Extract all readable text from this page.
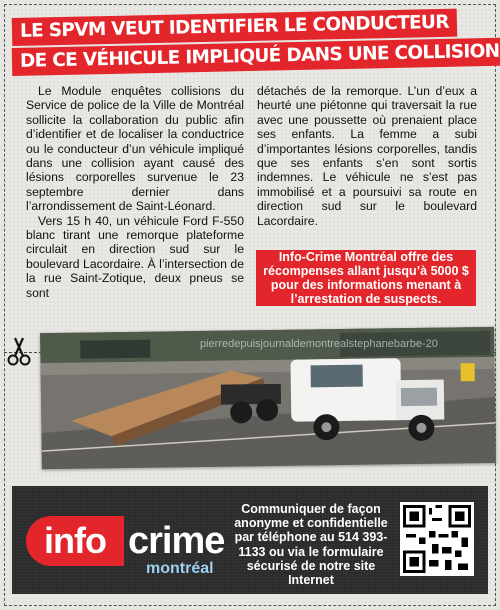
LE SPVM VEUT IDENTIFIER LE CONDUCTEUR
DE CE VÉHICULE IMPLIQUÉ DANS UNE COLLISION

Le Module enquêtes collisions du Service de police de la Ville de Montréal sollicite la collaboration du public afin d’identifier et de localiser la conductrice ou le conducteur d’un véhicule impliqué dans une collision ayant causé des lésions corporelles survenue le 23 septembre dernier dans l’arrondissement de Saint-Léonard.

Vers 15 h 40, un véhicule Ford F-550 blanc tirant une remorque plateforme circulait en direction sud sur le boulevard Lacordaire. À l’intersection de la rue Saint-Zotique, deux pneus se sont

détachés de la remorque. L’un d’eux a heurté une piétonne qui traversait la rue avec une poussette où prenaient place ses enfants. La femme a subi d’importantes lésions corporelles, tandis que ses enfants s’en sont sortis indemnes. Le véhicule ne s’est pas immobilisé et a poursuivi sa route en direction sud sur le boulevard Lacordaire.

Info-Crime Montréal offre des récompenses allant jusqu’à 5000 $ pour des informations menant à l’arrestation de suspects.
pierredepuisjournaldemontrealstephanebarbe-20
info crime
montréal
Communiquer de façon anonyme et confidentielle par téléphone au 514 393-1133 ou via le formulaire sécurisé de notre site Internet
